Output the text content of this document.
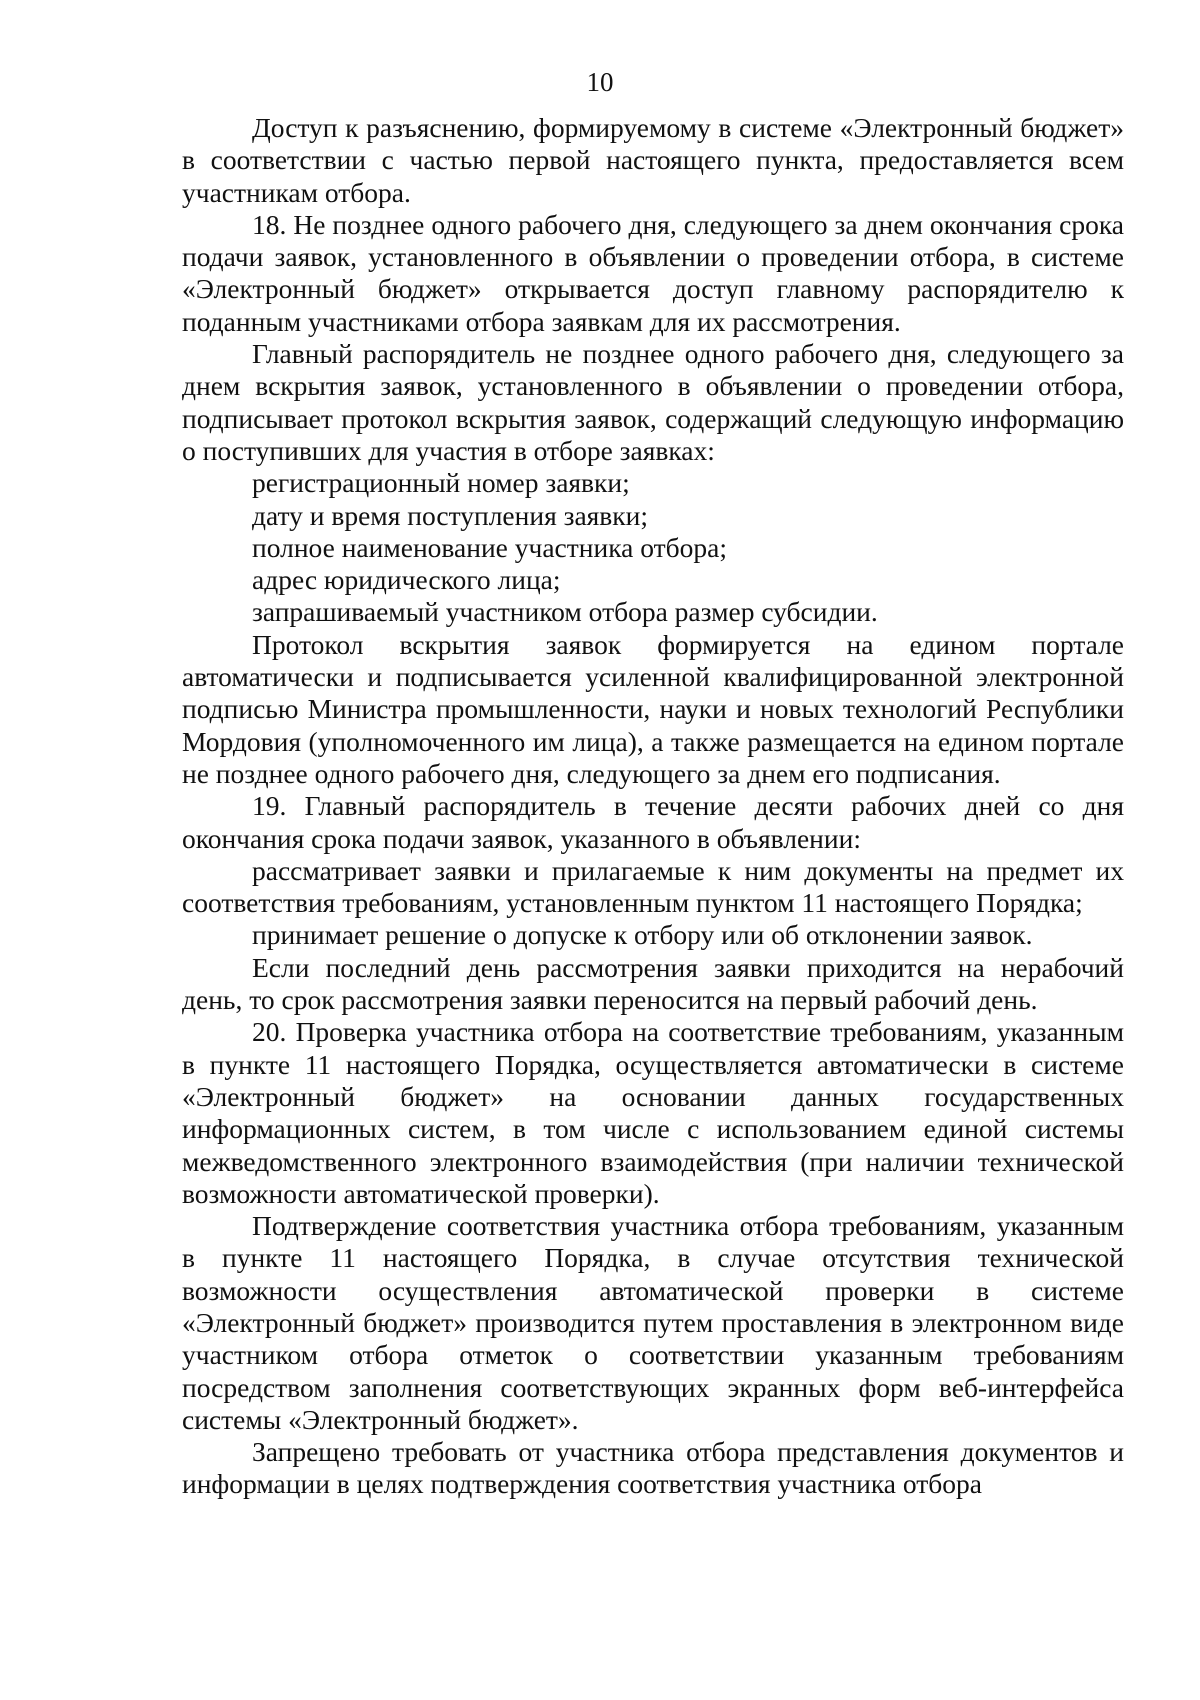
10

Доступ к разъяснению, формируемому в системе «Электронный бюджет» в соответствии с частью первой настоящего пункта, предоставляется всем участникам отбора.

18. Не позднее одного рабочего дня, следующего за днем окончания срока подачи заявок, установленного в объявлении о проведении отбора, в системе «Электронный бюджет» открывается доступ главному распорядителю к поданным участниками отбора заявкам для их рассмотрения.

Главный распорядитель не позднее одного рабочего дня, следующего за днем вскрытия заявок, установленного в объявлении о проведении отбора, подписывает протокол вскрытия заявок, содержащий следующую информацию о поступивших для участия в отборе заявках:

регистрационный номер заявки;

дату и время поступления заявки;

полное наименование участника отбора;

адрес юридического лица;

запрашиваемый участником отбора размер субсидии.

Протокол вскрытия заявок формируется на едином портале автоматически и подписывается усиленной квалифицированной электронной подписью Министра промышленности, науки и новых технологий Республики Мордовия (уполномоченного им лица), а также размещается на едином портале не позднее одного рабочего дня, следующего за днем его подписания.

19. Главный распорядитель в течение десяти рабочих дней со дня окончания срока подачи заявок, указанного в объявлении:

рассматривает заявки и прилагаемые к ним документы на предмет их соответствия требованиям, установленным пунктом 11 настоящего Порядка;

принимает решение о допуске к отбору или об отклонении заявок.

Если последний день рассмотрения заявки приходится на нерабочий день, то срок рассмотрения заявки переносится на первый рабочий день.

20. Проверка участника отбора на соответствие требованиям, указанным в пункте 11 настоящего Порядка, осуществляется автоматически в системе «Электронный бюджет» на основании данных государственных информационных систем, в том числе с использованием единой системы межведомственного электронного взаимодействия (при наличии технической возможности автоматической проверки).

Подтверждение соответствия участника отбора требованиям, указанным в пункте 11 настоящего Порядка, в случае отсутствия технической возможности осуществления автоматической проверки в системе «Электронный бюджет» производится путем проставления в электронном виде участником отбора отметок о соответствии указанным требованиям посредством заполнения соответствующих экранных форм веб-интерфейса системы «Электронный бюджет».

Запрещено требовать от участника отбора представления документов и информации в целях подтверждения соответствия участника отбора
